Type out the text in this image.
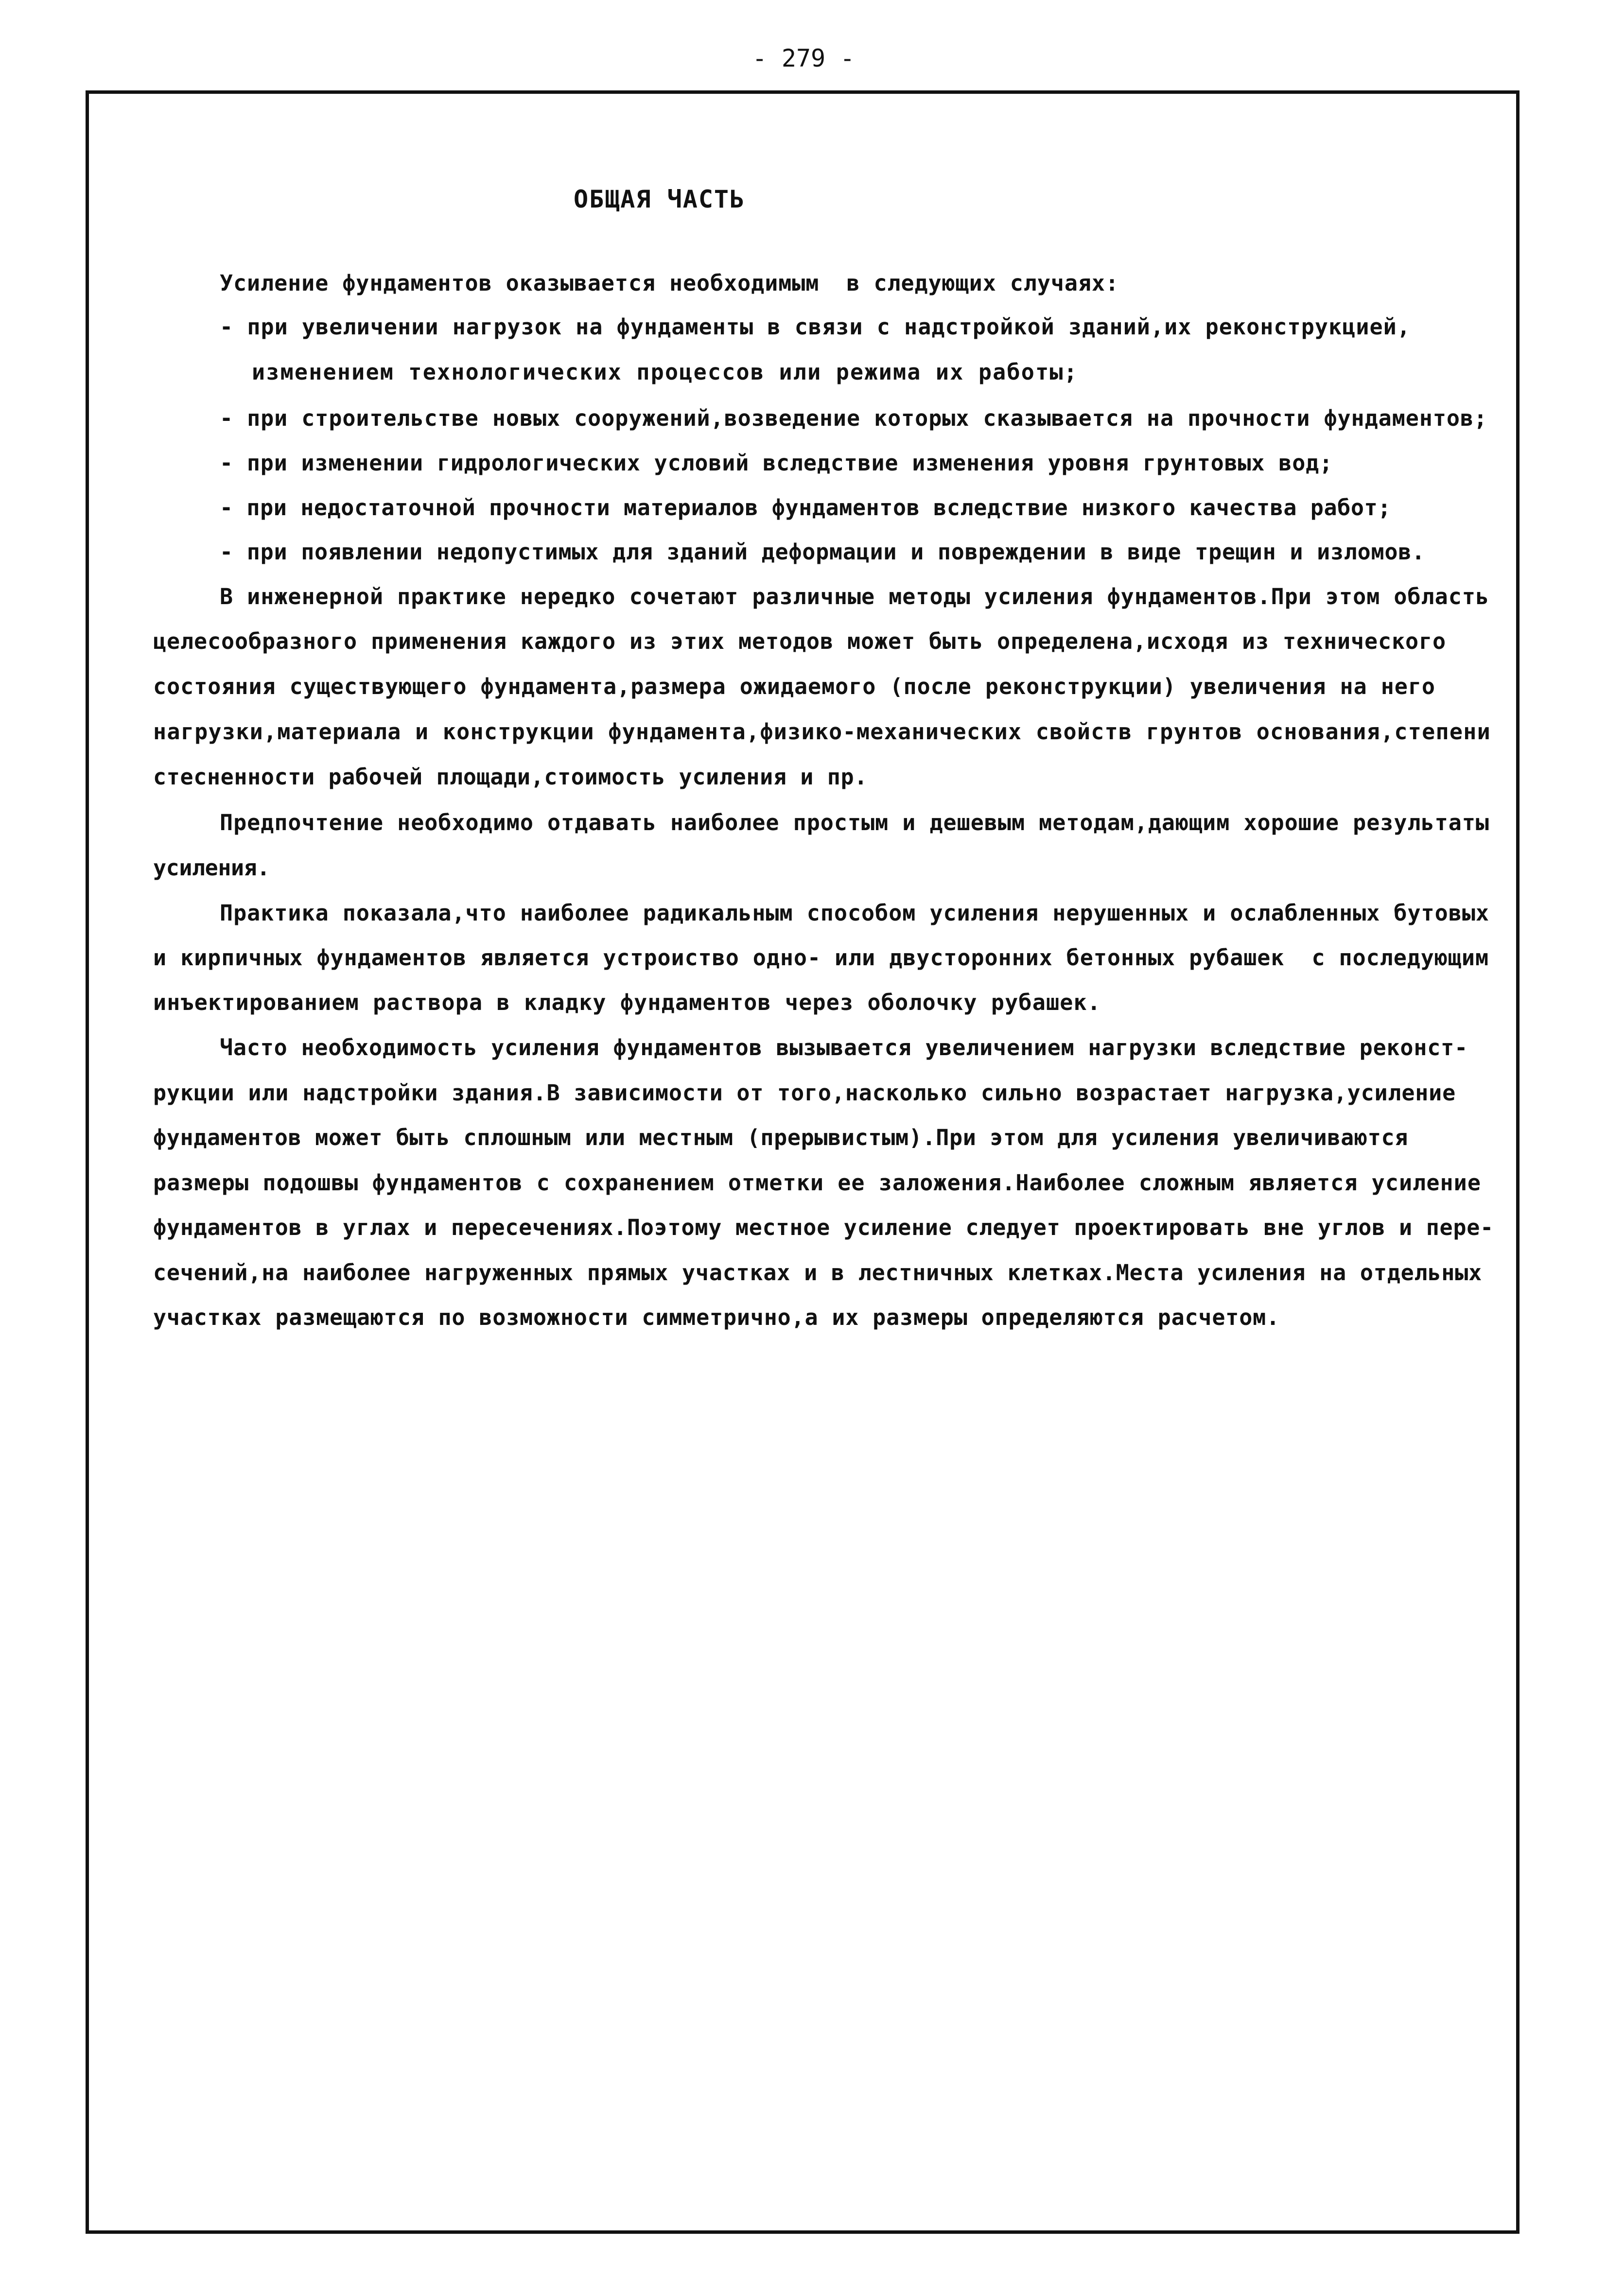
- 279 -
ОБЩАЯ ЧАСТЬ
Усиление фундаментов оказывается необходимым  в следующих случаях:
- при увеличении нагрузок на фундаменты в связи с надстройкой зданий,их реконструкцией,
изменением технологических процессов или режима их работы;
- при строительстве новых сооружений,возведение которых сказывается на прочности фундаментов;
- при изменении гидрологических условий вследствие изменения уровня грунтовых вод;
- при недостаточной прочности материалов фундаментов вследствие низкого качества работ;
- при появлении недопустимых для зданий деформации и повреждении в виде трещин и изломов.
В инженерной практике нередко сочетают различные методы усиления фундаментов.При этом область
целесообразного применения каждого из этих методов может быть определена,исходя из технического
состояния существующего фундамента,размера ожидаемого (после реконструкции) увеличения на него
нагрузки,материала и конструкции фундамента,физико-механических свойств грунтов основания,степени
стесненности рабочей площади,стоимость усиления и пр.
Предпочтение необходимо отдавать наиболее простым и дешевым методам,дающим хорошие результаты
усиления.
Практика показала,что наиболее радикальным способом усиления нерушенных и ослабленных бутовых
и кирпичных фундаментов является устроиство одно- или двусторонних бетонных рубашек  с последующим
инъектированием раствора в кладку фундаментов через оболочку рубашек.
Часто необходимость усиления фундаментов вызывается увеличением нагрузки вследствие реконст-
рукции или надстройки здания.В зависимости от того,насколько сильно возрастает нагрузка,усиление
фундаментов может быть сплошным или местным (прерывистым).При этом для усиления увеличиваются
размеры подошвы фундаментов с сохранением отметки ее заложения.Наиболее сложным является усиление
фундаментов в углах и пересечениях.Поэтому местное усиление следует проектировать вне углов и пере-
сечений,на наиболее нагруженных прямых участках и в лестничных клетках.Места усиления на отдельных
участках размещаются по возможности симметрично,а их размеры определяются расчетом.
